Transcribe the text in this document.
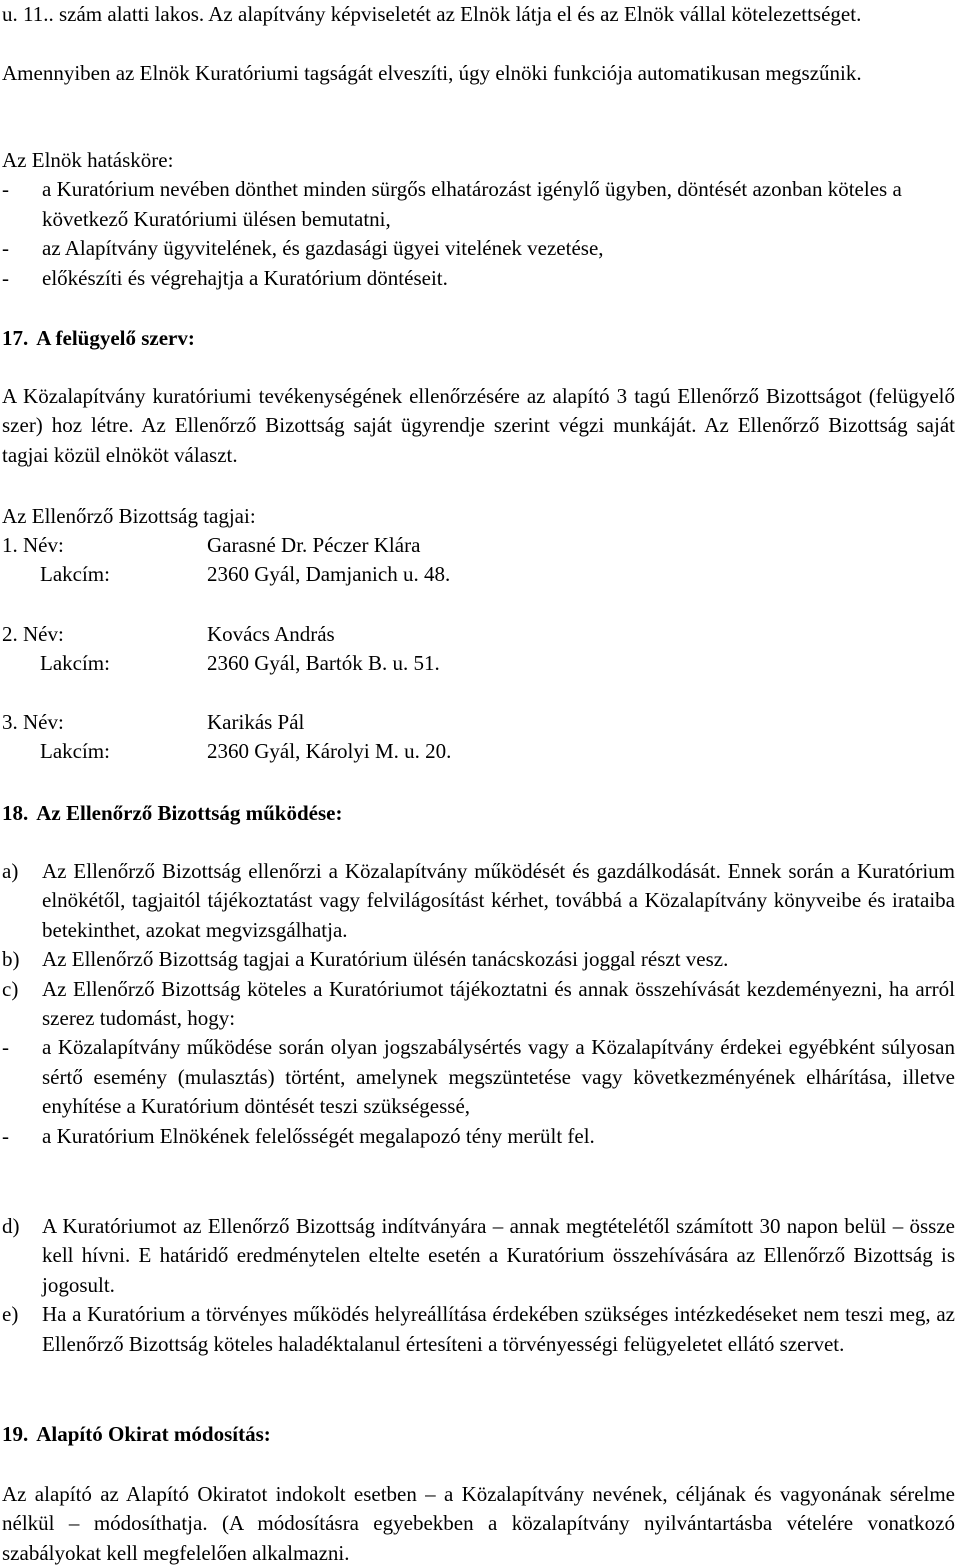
u. 11.. szám alatti lakos. Az alapítvány képviseletét az Elnök látja el és az Elnök vállal kötelezettséget.

Amennyiben az Elnök Kuratóriumi tagságát elveszíti, úgy elnöki funkciója automatikusan megszűnik.

Az Elnök hatásköre:
-	a Kuratórium nevében dönthet minden sürgős elhatározást igénylő ügyben, döntését azonban köteles a következő Kuratóriumi ülésen bemutatni,
-	az Alapítvány ügyvitelének, és gazdasági ügyei vitelének vezetése,
-	előkészíti és végrehajtja a Kuratórium döntéseit.
17. A felügyelő szerv:

A Közalapítvány kuratóriumi tevékenységének ellenőrzésére az alapító 3 tagú Ellenőrző Bizottságot (felügyelő szer) hoz létre. Az Ellenőrző Bizottság saját ügyrendje szerint végzi munkáját. Az Ellenőrző Bizottság saját tagjai közül elnököt választ.

Az Ellenőrző Bizottság tagjai:
1. Név:	Garasné Dr. Péczer Klára
Lakcím:	2360 Gyál, Damjanich u. 48.
2. Név:	Kovács András
Lakcím:	2360 Gyál, Bartók B. u. 51.
3. Név:	Karikás Pál
Lakcím:	2360 Gyál, Károlyi M. u. 20.
18. Az Ellenőrző Bizottság működése:
a)	Az Ellenőrző Bizottság ellenőrzi a Közalapítvány működését és gazdálkodását. Ennek során a Kuratórium elnökétől, tagjaitól tájékoztatást vagy felvilágosítást kérhet, továbbá a Közalapítvány könyveibe és irataiba betekinthet, azokat megvizsgálhatja.
b)	Az Ellenőrző Bizottság tagjai a Kuratórium ülésén tanácskozási joggal részt vesz.
c)	Az Ellenőrző Bizottság köteles a Kuratóriumot tájékoztatni és annak összehívását kezdeményezni, ha arról szerez tudomást, hogy:
-	a Közalapítvány működése során olyan jogszabálysértés vagy a Közalapítvány érdekei egyébként súlyosan sértő esemény (mulasztás) történt, amelynek megszüntetése vagy következményének elhárítása, illetve enyhítése a Kuratórium döntését teszi szükségessé,
-	a Kuratórium Elnökének felelősségét megalapozó tény merült fel.
d)	A Kuratóriumot az Ellenőrző Bizottság indítványára – annak megtételétől számított 30 napon belül – össze kell hívni. E határidő eredménytelen eltelte esetén a Kuratórium összehívására az Ellenőrző Bizottság is jogosult.
e)	Ha a Kuratórium a törvényes működés helyreállítása érdekében szükséges intézkedéseket nem teszi meg, az Ellenőrző Bizottság köteles haladéktalanul értesíteni a törvényességi felügyeletet ellátó szervet.
19. Alapító Okirat módosítás:

Az alapító az Alapító Okiratot indokolt esetben – a Közalapítvány nevének, céljának és vagyonának sérelme nélkül – módosíthatja. (A módosításra egyebekben a közalapítvány nyilvántartásba vételére vonatkozó szabályokat kell megfelelően alkalmazni.
